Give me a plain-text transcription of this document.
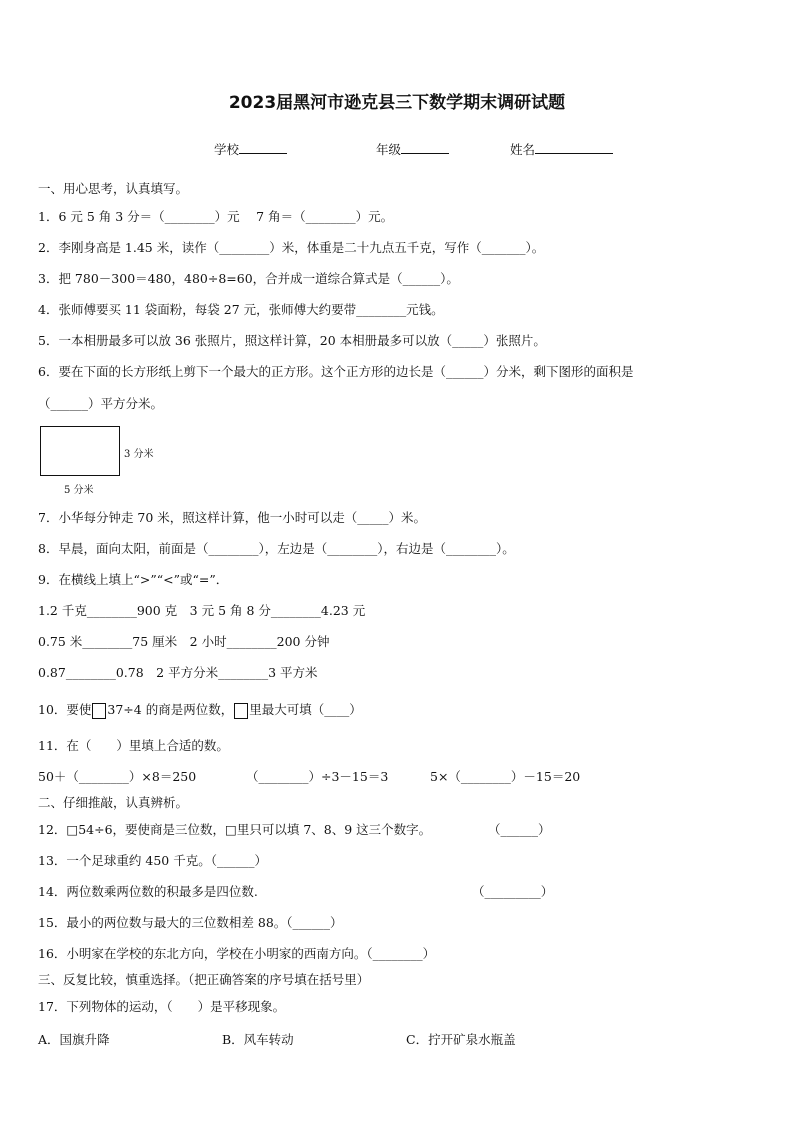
2023届黑河市逊克县三下数学期末调研试题
学校	年级	姓名
一、用心思考，认真填写。
1．6 元 5 角 3 分＝（________）元　 7 角＝（________）元。
2．李刚身高是 1.45 米，读作（________）米，体重是二十九点五千克，写作（_______）。
3．把 780－300＝480，480÷8=60，合并成一道综合算式是（______）。
4．张师傅要买 11 袋面粉，每袋 27 元，张师傅大约要带________元钱。
5．一本相册最多可以放 36 张照片，照这样计算，20 本相册最多可以放（_____）张照片。
6．要在下面的长方形纸上剪下一个最大的正方形。这个正方形的边长是（______）分米，剩下图形的面积是
（______）平方分米。
3 分米
5 分米
7．小华每分钟走 70 米，照这样计算，他一小时可以走（_____）米。
8．早晨，面向太阳，前面是（________），左边是（________），右边是（________）。
9．在横线上填上“>”“<”或“=”．
1.2 千克________900 克　3 元 5 角 8 分________4.23 元
0.75 米________75 厘米　2 小时________200 分钟
0.87________0.78　2 平方分米________3 平方米
10．要使 37÷4 的商是两位数， 里最大可填（____）
11．在（　　）里填上合适的数。
50＋（________）×8＝250	（________）÷3－15＝3	5×（________）－15＝20
二、仔细推敲，认真辨析。
12．□54÷6，要使商是三位数，□里只可以填 7、8、9 这三个数字。	（______）
13．一个足球重约 450 千克。（______）
14．两位数乘两位数的积最多是四位数.	（_________）
15．最小的两位数与最大的三位数相差 88。（______）
16．小明家在学校的东北方向，学校在小明家的西南方向。（________）
三、反复比较，慎重选择。（把正确答案的序号填在括号里）
17．下列物体的运动，（　　）是平移现象。
A．国旗升降	B．风车转动	C．拧开矿泉水瓶盖
